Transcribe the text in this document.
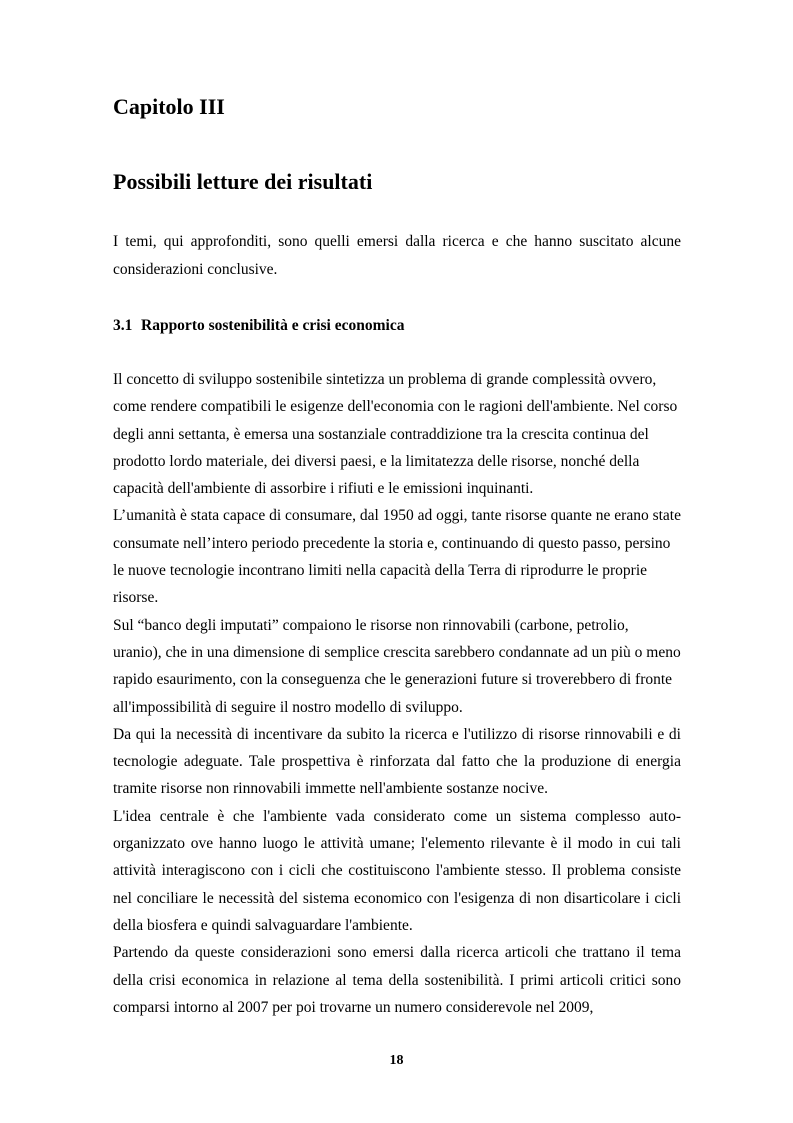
Capitolo III
Possibili letture dei risultati

I temi, qui approfonditi, sono quelli emersi dalla ricerca e che hanno suscitato alcune considerazioni conclusive.

3.1 Rapporto sostenibilità e crisi economica

Il concetto di sviluppo sostenibile sintetizza un problema di grande complessità ovvero, come rendere compatibili le esigenze dell'economia con le ragioni dell'ambiente. Nel corso degli anni settanta, è emersa una sostanziale contraddizione tra la crescita continua del prodotto lordo materiale, dei diversi paesi, e la limitatezza delle risorse, nonché della capacità dell'ambiente di assorbire i rifiuti e le emissioni inquinanti.

L’umanità è stata capace di consumare, dal 1950 ad oggi, tante risorse quante ne erano state consumate nell’intero periodo precedente la storia e, continuando di questo passo, persino le nuove tecnologie incontrano limiti nella capacità della Terra di riprodurre le proprie risorse.

Sul “banco degli imputati” compaiono le risorse non rinnovabili (carbone, petrolio, uranio), che in una dimensione di semplice crescita sarebbero condannate ad un più o meno rapido esaurimento, con la conseguenza che le generazioni future si troverebbero di fronte all'impossibilità di seguire il nostro modello di sviluppo.

Da qui la necessità di incentivare da subito la ricerca e l'utilizzo di risorse rinnovabili e di tecnologie adeguate. Tale prospettiva è rinforzata dal fatto che la produzione di energia tramite risorse non rinnovabili immette nell'ambiente sostanze nocive.

L'idea centrale è che l'ambiente vada considerato come un sistema complesso auto-organizzato ove hanno luogo le attività umane; l'elemento rilevante è il modo in cui tali attività interagiscono con i cicli che costituiscono l'ambiente stesso. Il problema consiste nel conciliare le necessità del sistema economico con l'esigenza di non disarticolare i cicli della biosfera e quindi salvaguardare l'ambiente.

Partendo da queste considerazioni sono emersi dalla ricerca articoli che trattano il tema della crisi economica in relazione al tema della sostenibilità. I primi articoli critici sono comparsi intorno al 2007 per poi trovarne un numero considerevole nel 2009,

18
